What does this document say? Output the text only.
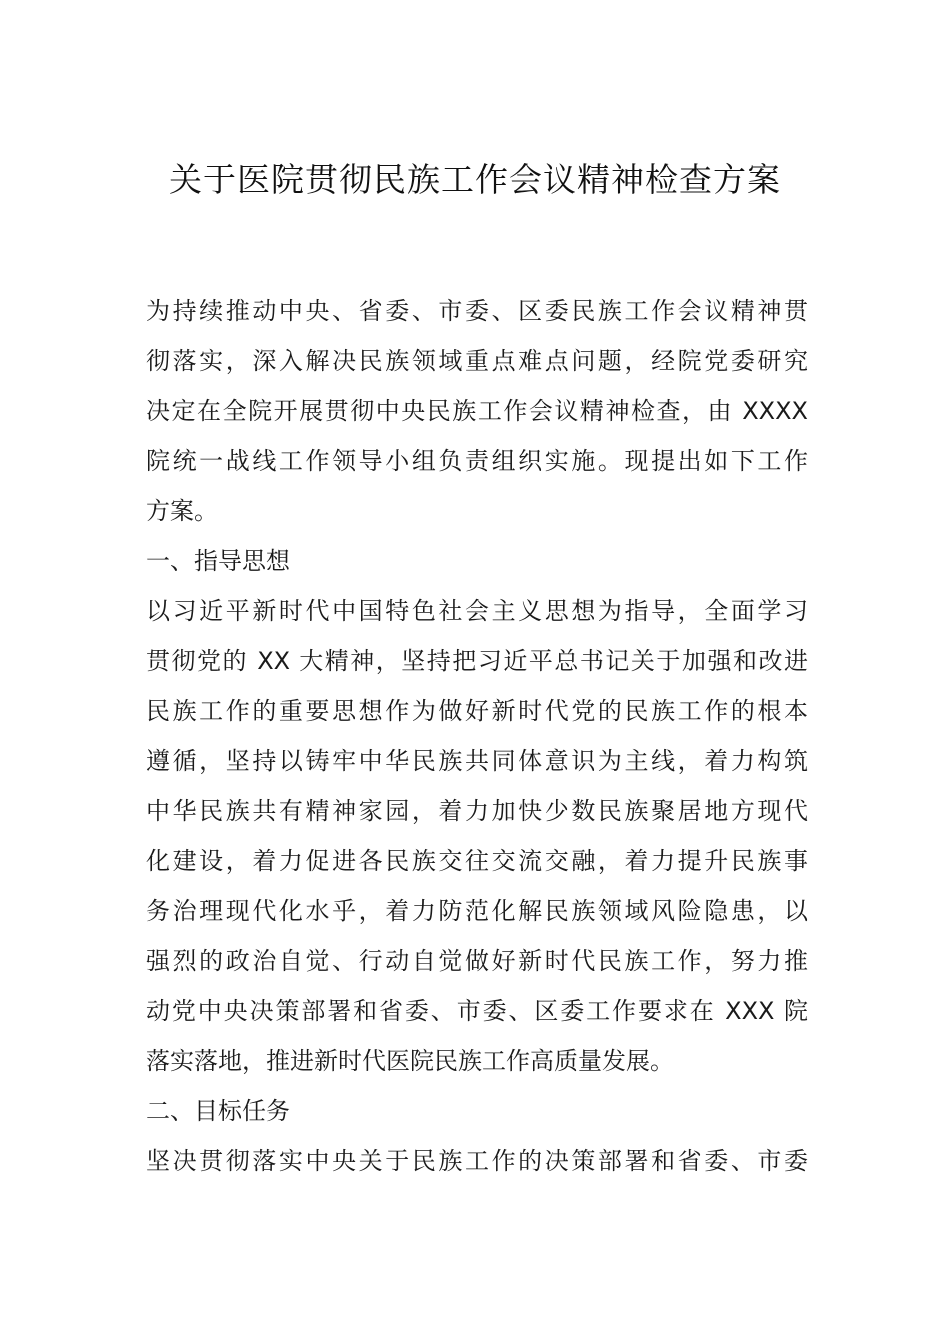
关于医院贯彻民族工作会议精神检查方案
为持续推动中央、省委、市委、区委民族工作会议精神贯
彻落实，深入解决民族领域重点难点问题，经院党委研究
决定在全院开展贯彻中央民族工作会议精神检查，由 XXXX
院统一战线工作领导小组负责组织实施。现提出如下工作
方案。
一、指导思想
以习近平新时代中国特色社会主义思想为指导，全面学习
贯彻党的 XX 大精神，坚持把习近平总书记关于加强和改进
民族工作的重要思想作为做好新时代党的民族工作的根本
遵循，坚持以铸牢中华民族共同体意识为主线，着力构筑
中华民族共有精神家园，着力加快少数民族聚居地方现代
化建设，着力促进各民族交往交流交融，着力提升民族事
务治理现代化水乎，着力防范化解民族领域风险隐患，以
强烈的政治自觉、行动自觉做好新时代民族工作，努力推
动党中央决策部署和省委、市委、区委工作要求在 XXX 院
落实落地，推进新时代医院民族工作高质量发展。
二、目标任务
坚决贯彻落实中央关于民族工作的决策部署和省委、市委
